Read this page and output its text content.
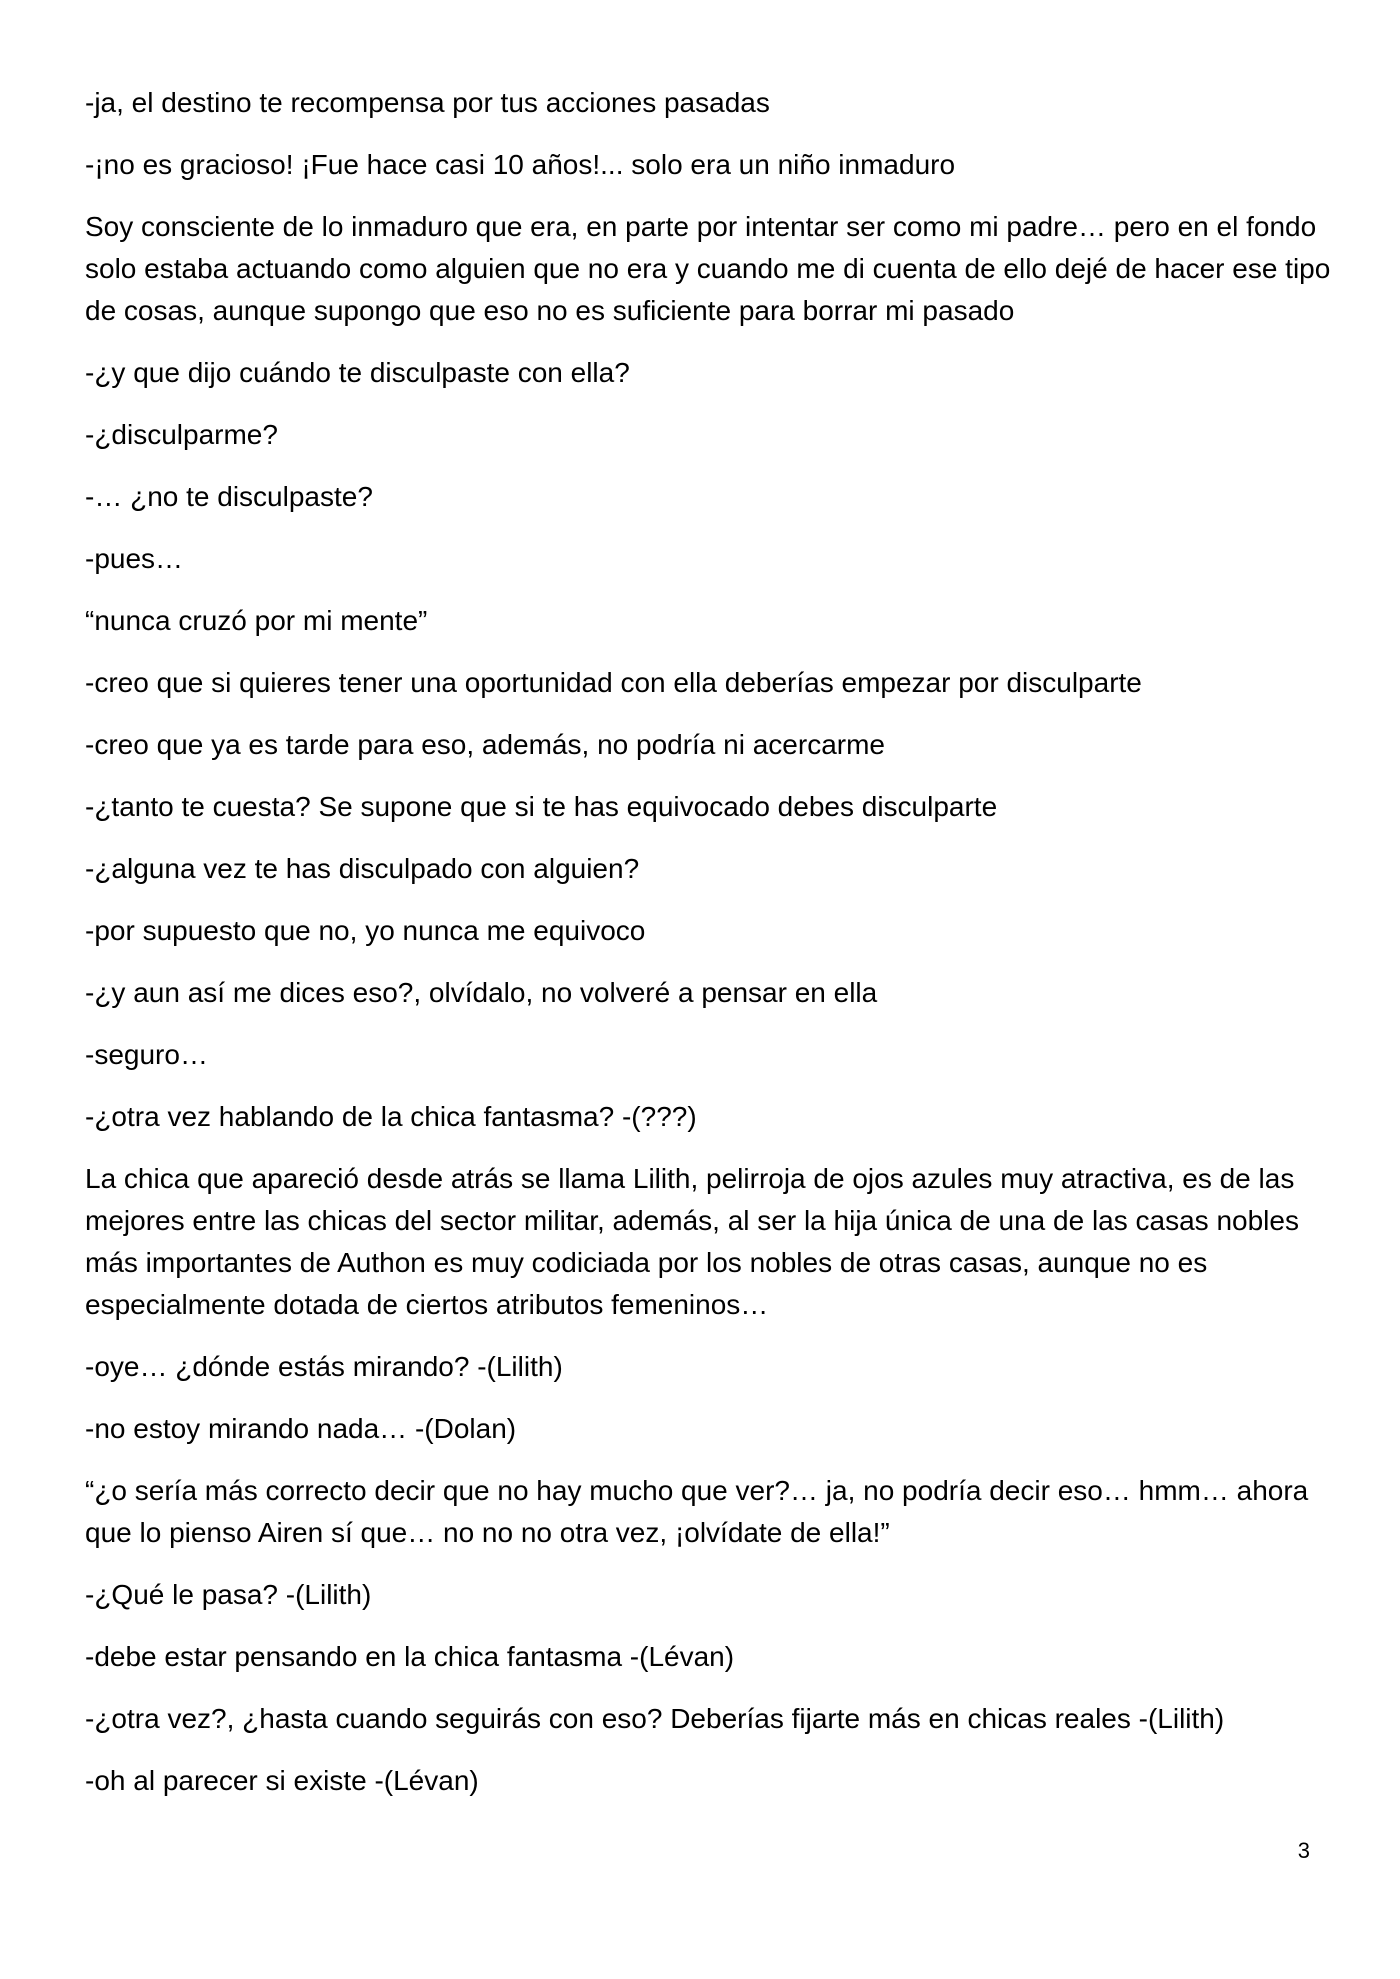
-ja, el destino te recompensa por tus acciones pasadas

-¡no es gracioso! ¡Fue hace casi 10 años!... solo era un niño inmaduro

Soy consciente de lo inmaduro que era, en parte por intentar ser como mi padre… pero en el fondo solo estaba actuando como alguien que no era y cuando me di cuenta de ello dejé de hacer ese tipo de cosas, aunque supongo que eso no es suficiente para borrar mi pasado

-¿y que dijo cuándo te disculpaste con ella?

-¿disculparme?

-… ¿no te disculpaste?

-pues…

“nunca cruzó por mi mente”

-creo que si quieres tener una oportunidad con ella deberías empezar por disculparte

-creo que ya es tarde para eso, además, no podría ni acercarme

-¿tanto te cuesta? Se supone que si te has equivocado debes disculparte

-¿alguna vez te has disculpado con alguien?

-por supuesto que no, yo nunca me equivoco

-¿y aun así me dices eso?, olvídalo, no volveré a pensar en ella

-seguro…

-¿otra vez hablando de la chica fantasma? -(???)

La chica que apareció desde atrás se llama Lilith, pelirroja de ojos azules muy atractiva, es de las mejores entre las chicas del sector militar, además, al ser la hija única de una de las casas nobles más importantes de Authon es muy codiciada por los nobles de otras casas, aunque no es especialmente dotada de ciertos atributos femeninos…

-oye… ¿dónde estás mirando? -(Lilith)

-no estoy mirando nada… -(Dolan)

“¿o sería más correcto decir que no hay mucho que ver?… ja, no podría decir eso… hmm… ahora que lo pienso Airen sí que… no no no otra vez, ¡olvídate de ella!”

-¿Qué le pasa? -(Lilith)

-debe estar pensando en la chica fantasma -(Lévan)

-¿otra vez?, ¿hasta cuando seguirás con eso? Deberías fijarte más en chicas reales -(Lilith)

-oh al parecer si existe -(Lévan)

3
